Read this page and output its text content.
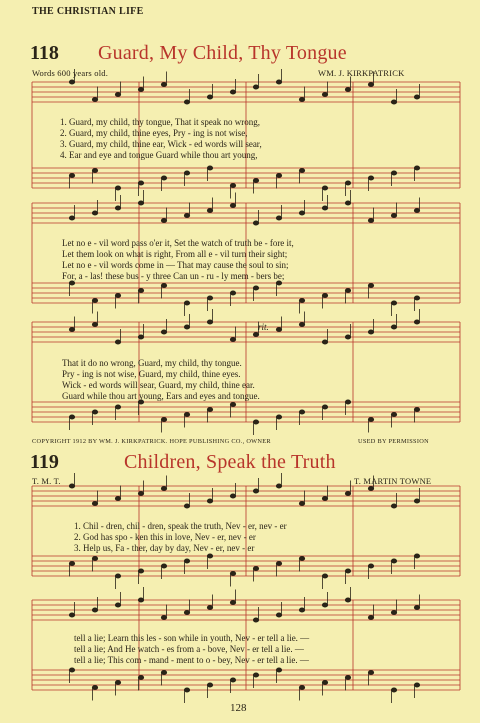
THE CHRISTIAN LIFE
118 Guard, My Child, Thy Tongue
Words 600 years old.	WM. J. KIRKPATRICK
1. Guard, my child, thy tongue, That it speak no wrong,
2. Guard, my child, thine eyes, Pry - ing is not wise,
3. Guard, my child, thine ear, Wick - ed words will sear,
4. Ear and eye and tongue Guard while thou art young,
Let no e - vil word pass o'er it, Set the watch of truth be - fore it,
Let them look on what is right, From all e - vil turn their sight;
Let no e - vil words come in — That may cause the soul to sin;
For, a - las! these bus - y three Can un - ru - ly mem - bers be;
rit.
That it do no wrong, Guard, my child, thy tongue.
Pry - ing is not wise, Guard, my child, thine eyes.
Wick - ed words will sear, Guard, my child, thine ear.
Guard while thou art young, Ears and eyes and tongue.
COPYRIGHT 1912 BY WM. J. KIRKPATRICK. HOPE PUBLISHING CO., OWNER	USED BY PERMISSION
119	Children, Speak the Truth
T. M. T.	T. MARTIN TOWNE
1. Chil - dren, chil - dren, speak the truth, Nev - er, nev - er
2. God has spo - ken this in love, Nev - er, nev - er
3. Help us, Fa - ther, day by day, Nev - er, nev - er
tell a lie; Learn this les - son while in youth, Nev - er tell a lie. —
tell a lie; And He watch - es from a - bove, Nev - er tell a lie. —
tell a lie; This com - mand - ment to o - bey, Nev - er tell a lie. —
128
